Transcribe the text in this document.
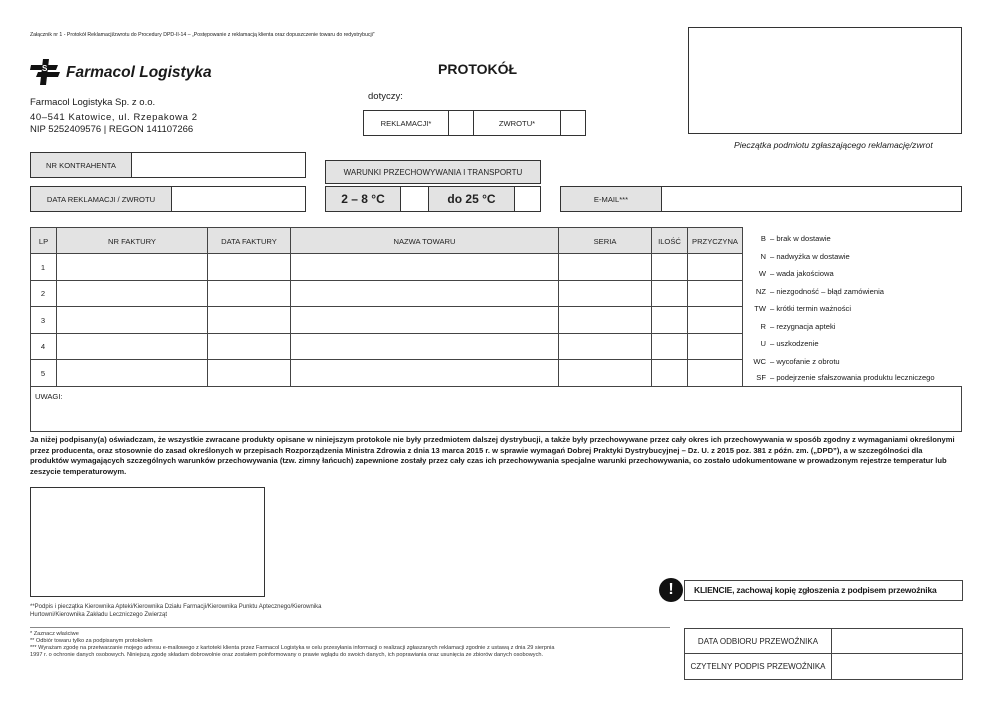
Załącznik nr 1 - Protokół Reklamacji/zwrotu do Procedury DPD-II-14 – „Postępowanie z reklamacją klienta oraz dopuszczenie towaru do redystrybucji”
S Farmacol Logistyka
Farmacol Logistyka Sp. z o.o.
40–541 Katowice, ul. Rzepakowa 2
NIP 5252409576 | REGON 141107266
PROTOKÓŁ
dotyczy:
REKLAMACJI*	ZWROTU*
Pieczątka podmiotu zgłaszającego reklamację/zwrot
NR KONTRAHENTA
DATA REKLAMACJI / ZWROTU
WARUNKI PRZECHOWYWANIA I TRANSPORTU
2 – 8 °C	do 25 °C	E-MAIL***
LP	NR FAKTURY	DATA FAKTURY	NAZWA TOWARU	SERIA	ILOŚĆ	PRZYCZYNA
1
2
3
4
5
B – brak w dostawie
N – nadwyżka w dostawie
W – wada jakościowa
NZ – niezgodność – błąd zamówienia
TW – krótki termin ważności
R – rezygnacja apteki
U – uszkodzenie
WC – wycofanie z obrotu
SF – podejrzenie sfałszowania produktu leczniczego
UWAGI:
Ja niżej podpisany(a) oświadczam, że wszystkie zwracane produkty opisane w niniejszym protokole nie były przedmiotem dalszej dystrybucji, a także były przechowywane przez cały okres ich przechowywania w sposób zgodny z wymaganiami określonymi przez producenta, oraz stosownie do zasad określonych w przepisach Rozporządzenia Ministra Zdrowia z dnia 13 marca 2015 r. w sprawie wymagań Dobrej Praktyki Dystrybucyjnej – Dz. U. z 2015 poz. 381 z późn. zm. („DPD”), a w szczególności dla produktów wymagających szczególnych warunków przechowywania (tzw. zimny łańcuch) zapewnione zostały przez cały czas ich przechowywania specjalne warunki przechowywania, co zostało udokumentowane w prowadzonym rejestrze temperatur lub zeszycie temperaturowym.
**Podpis i pieczątka Kierownika Apteki/Kierownika Działu Farmacji/Kierownika Punktu Aptecznego/Kierownika Hurtowni/Kierownika Zakładu Leczniczego Zwierząt
!	KLIENCIE, zachowaj kopię zgłoszenia z podpisem przewoźnika
* Zaznacz właściwe
** Odbiór towaru tylko za podpisanym protokołem
*** Wyrażam zgodę na przetwarzanie mojego adresu e-mailowego z kartoteki klienta przez Farmacol Logistyka w celu przesyłania informacji o realizacji zgłaszanych reklamacji zgodnie z ustawą z dnia 29 sierpnia 1997 r. o ochronie danych osobowych. Niniejszą zgodę składam dobrowolnie oraz zostałem poinformowany o prawie wglądu do swoich danych, ich poprawiania oraz usunięcia ze zbiorów danych osobowych.
DATA ODBIORU PRZEWOŹNIKA
CZYTELNY PODPIS PRZEWOŹNIKA
